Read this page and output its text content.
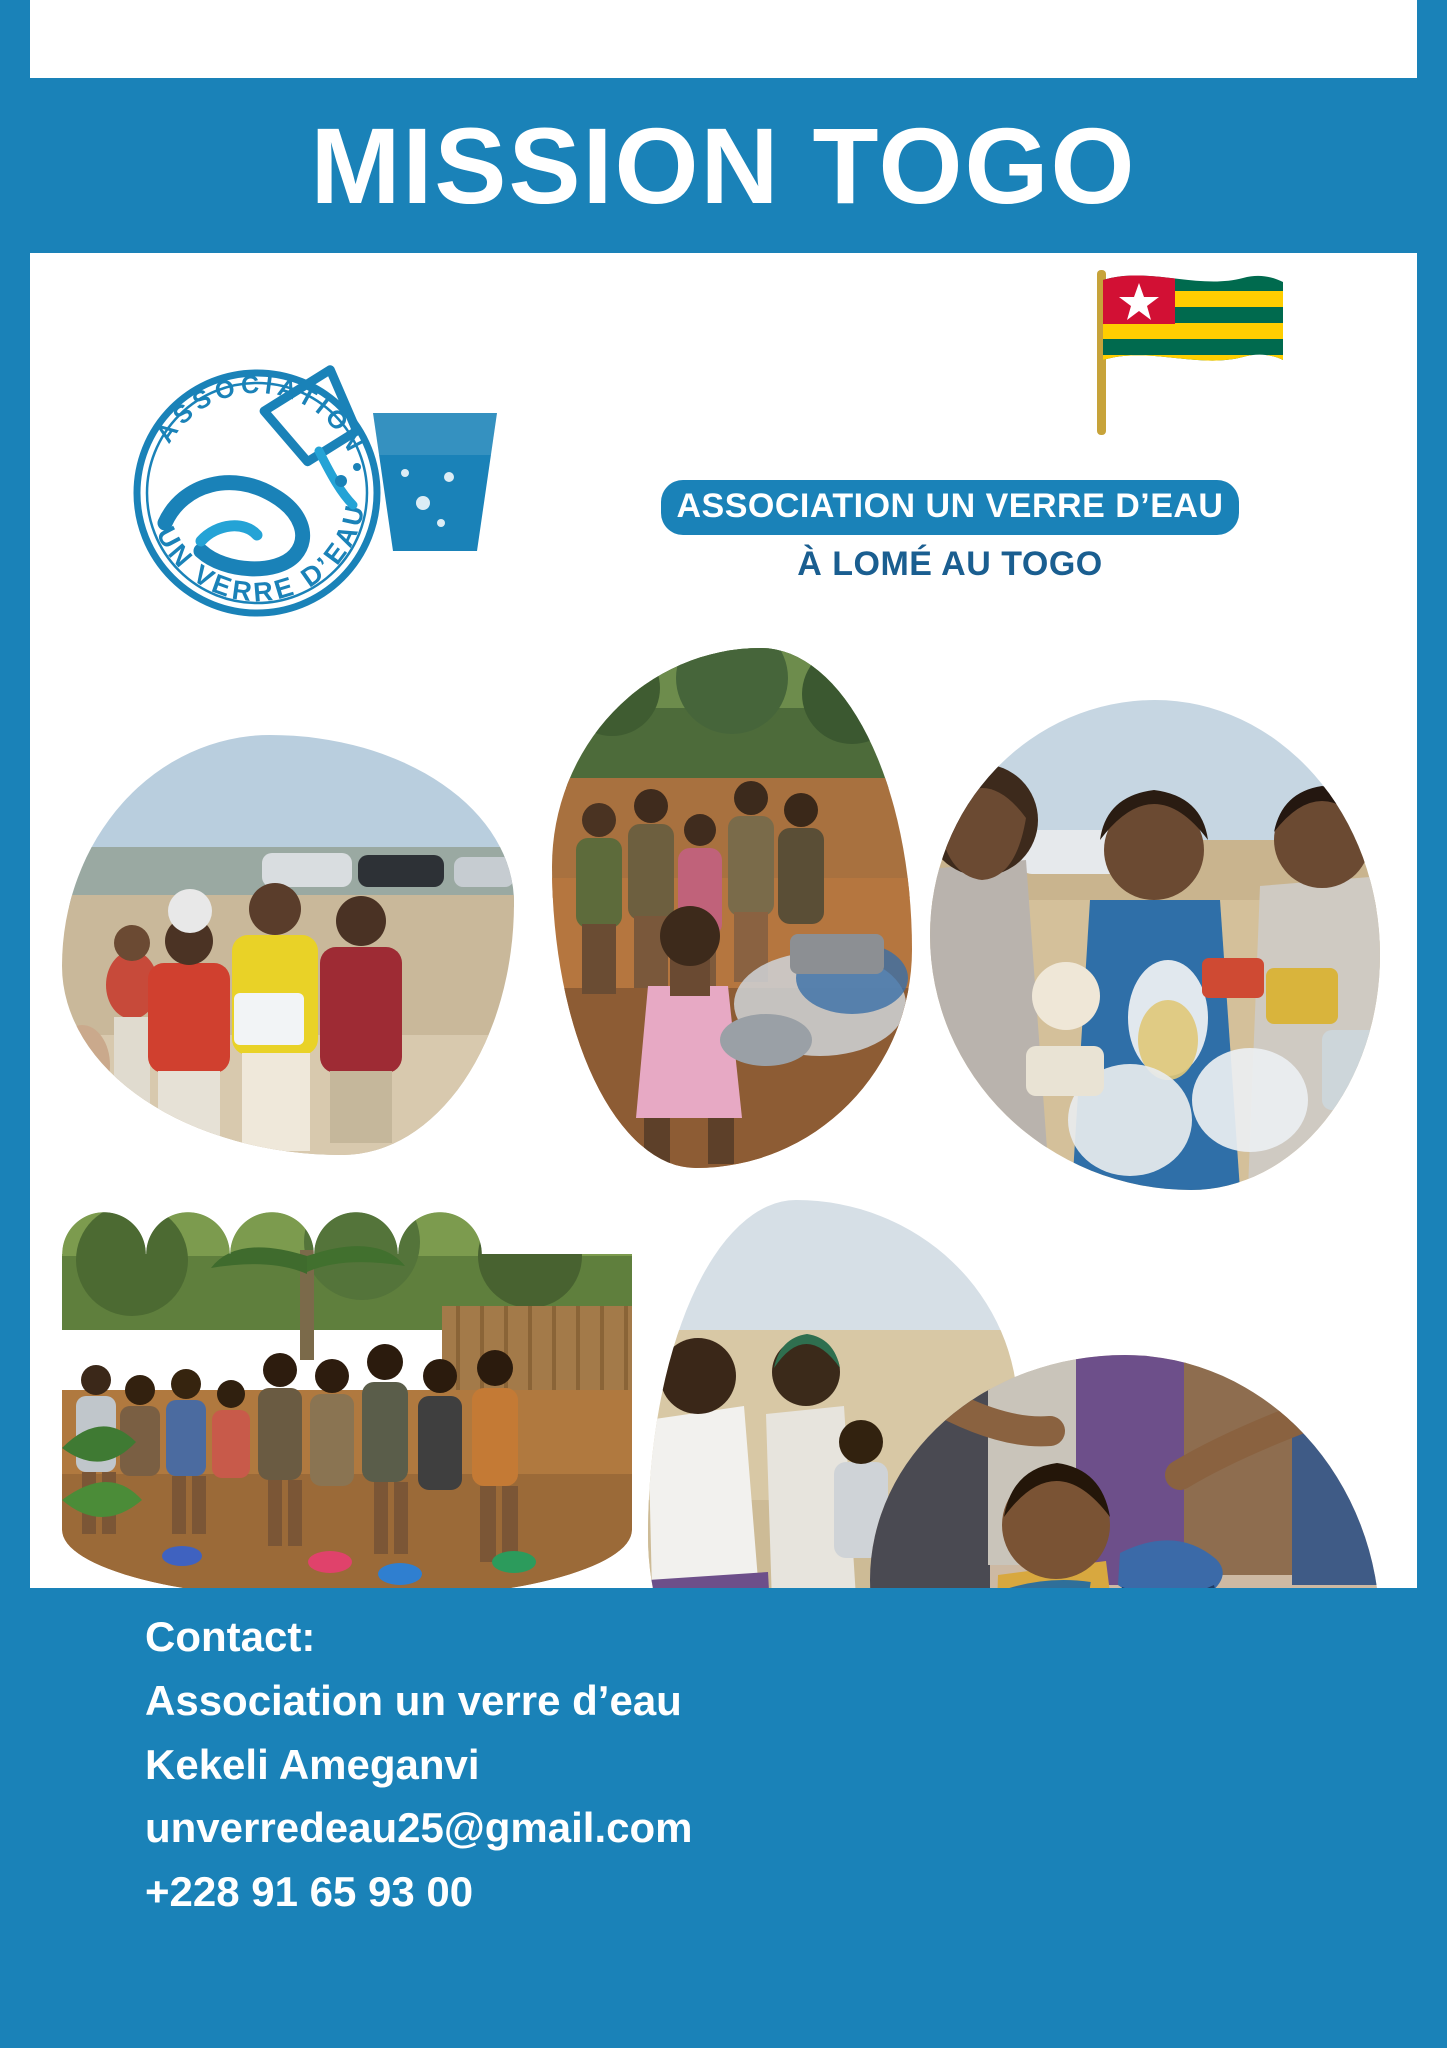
MISSION TOGO
ASSOCIATION
UN VERRE D’EAU	ASSOCIATION UN VERRE D’EAU
À LOMÉ AU TOGO
Contact:
Association un verre d’eau
Kekeli Ameganvi
unverredeau25@gmail.com
+228 91 65 93 00
